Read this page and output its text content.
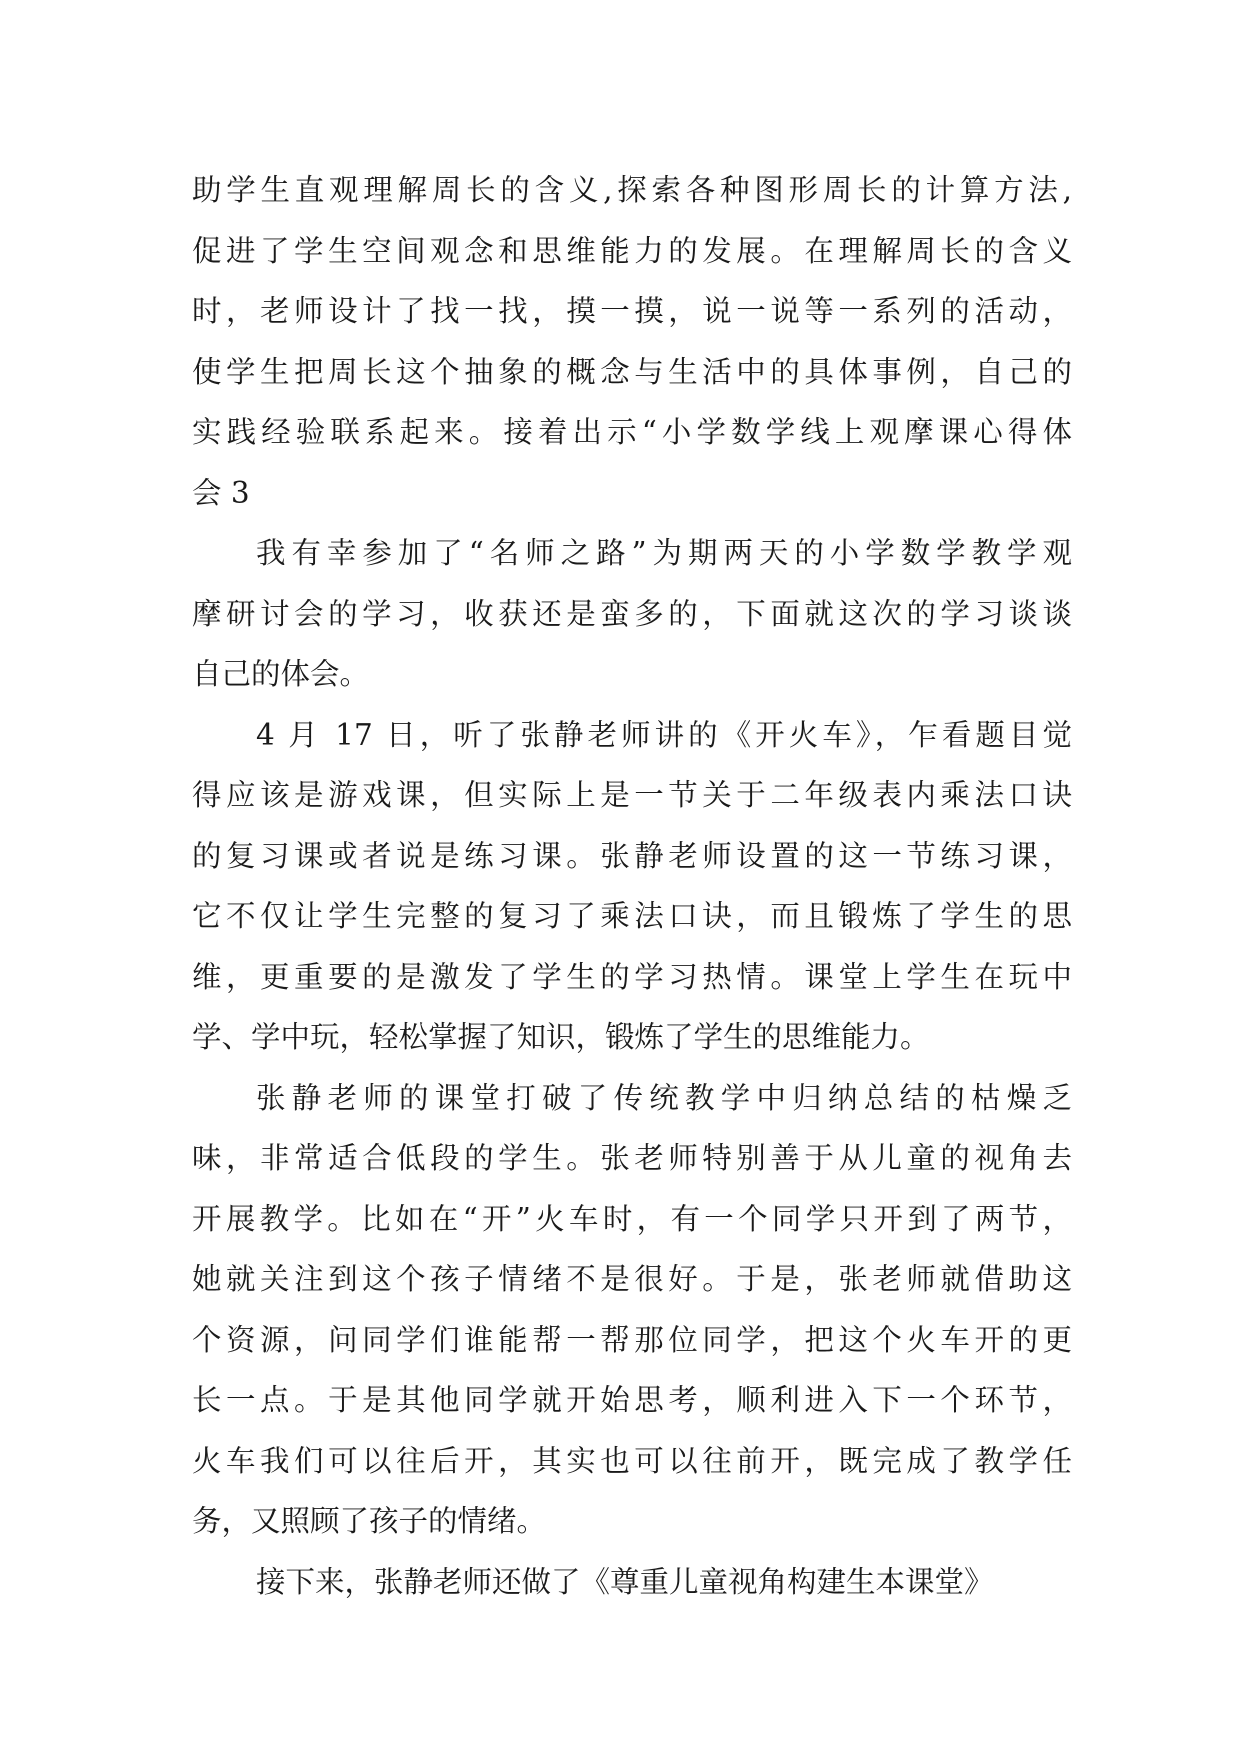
助学生直观理解周长的含义,探索各种图形周长的计算方法,
促进了学生空间观念和思维能力的发展。在理解周长的含义
时，老师设计了找一找，摸一摸，说一说等一系列的活动，
使学生把周长这个抽象的概念与生活中的具体事例，自己的
实践经验联系起来。接着出示“小学数学线上观摩课心得体
会 3
我有幸参加了“名师之路”为期两天的小学数学教学观
摩研讨会的学习，收获还是蛮多的，下面就这次的学习谈谈
自己的体会。
4 月 17 日，听了张静老师讲的《开火车》，乍看题目觉
得应该是游戏课，但实际上是一节关于二年级表内乘法口诀
的复习课或者说是练习课。张静老师设置的这一节练习课，
它不仅让学生完整的复习了乘法口诀，而且锻炼了学生的思
维，更重要的是激发了学生的学习热情。课堂上学生在玩中
学、学中玩，轻松掌握了知识，锻炼了学生的思维能力。
张静老师的课堂打破了传统教学中归纳总结的枯燥乏
味，非常适合低段的学生。张老师特别善于从儿童的视角去
开展教学。比如在“开”火车时，有一个同学只开到了两节，
她就关注到这个孩子情绪不是很好。于是，张老师就借助这
个资源，问同学们谁能帮一帮那位同学，把这个火车开的更
长一点。于是其他同学就开始思考，顺利进入下一个环节，
火车我们可以往后开，其实也可以往前开，既完成了教学任
务，又照顾了孩子的情绪。
接下来，张静老师还做了《尊重儿童视角构建生本课堂》
